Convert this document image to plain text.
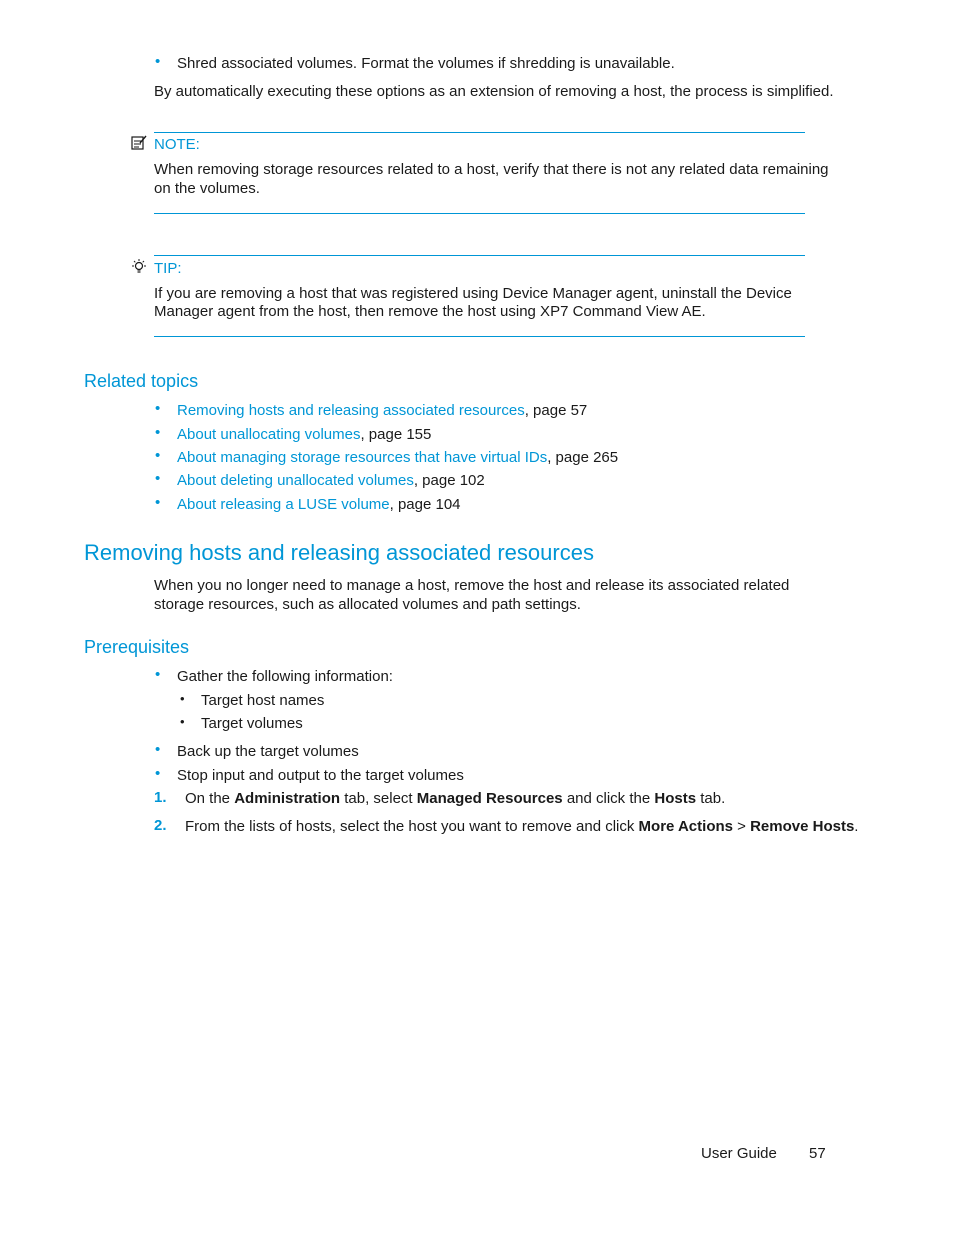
• Shred associated volumes. Format the volumes if shredding is unavailable.
By automatically executing these options as an extension of removing a host, the process is simplified.
NOTE:
When removing storage resources related to a host, verify that there is not any related data remaining
on the volumes.
TIP:
If you are removing a host that was registered using Device Manager agent, uninstall the Device
Manager agent from the host, then remove the host using XP7 Command View AE.
Related topics
• Removing hosts and releasing associated resources, page 57
• About unallocating volumes, page 155
• About managing storage resources that have virtual IDs, page 265
• About deleting unallocated volumes, page 102
• About releasing a LUSE volume, page 104
Removing hosts and releasing associated resources
When you no longer need to manage a host, remove the host and release its associated related
storage resources, such as allocated volumes and path settings.
Prerequisites
• Gather the following information:
• Target host names
• Target volumes
• Back up the target volumes
• Stop input and output to the target volumes
1. On the Administration tab, select Managed Resources and click the Hosts tab.
2. From the lists of hosts, select the host you want to remove and click More Actions > Remove Hosts.
User Guide 57
